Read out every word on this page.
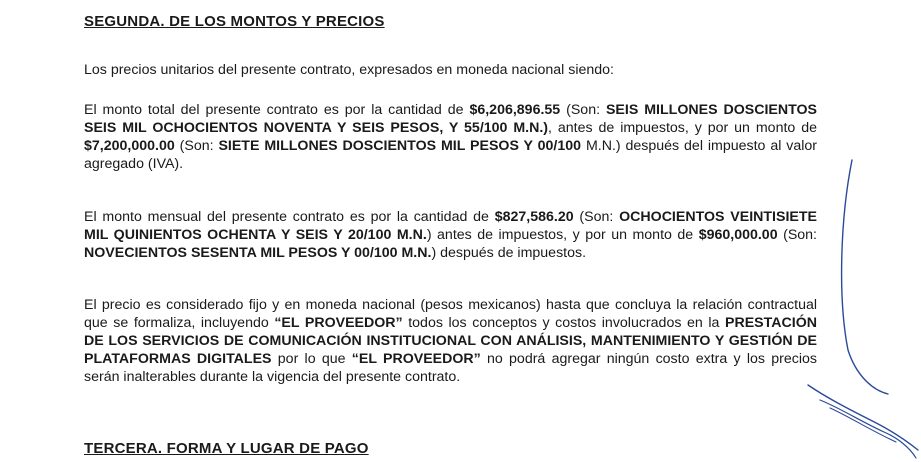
SEGUNDA. DE LOS MONTOS Y PRECIOS
Los precios unitarios del presente contrato, expresados en moneda nacional siendo:
El monto total del presente contrato es por la cantidad de $6,206,896.55 (Son: SEIS MILLONES DOSCIENTOS SEIS MIL OCHOCIENTOS NOVENTA Y SEIS PESOS, Y 55/100 M.N.), antes de impuestos, y por un monto de $7,200,000.00 (Son: SIETE MILLONES DOSCIENTOS MIL PESOS Y 00/100 M.N.) después del impuesto al valor agregado (IVA).
El monto mensual del presente contrato es por la cantidad de $827,586.20 (Son: OCHOCIENTOS VEINTISIETE MIL QUINIENTOS OCHENTA Y SEIS Y 20/100 M.N.) antes de impuestos, y por un monto de $960,000.00 (Son: NOVECIENTOS SESENTA MIL PESOS Y 00/100 M.N.) después de impuestos.
El precio es considerado fijo y en moneda nacional (pesos mexicanos) hasta que concluya la relación contractual que se formaliza, incluyendo “EL PROVEEDOR” todos los conceptos y costos involucrados en la PRESTACIÓN DE LOS SERVICIOS DE COMUNICACIÓN INSTITUCIONAL CON ANÁLISIS, MANTENIMIENTO Y GESTIÓN DE PLATAFORMAS DIGITALES por lo que “EL PROVEEDOR” no podrá agregar ningún costo extra y los precios serán inalterables durante la vigencia del presente contrato.
TERCERA. FORMA Y LUGAR DE PAGO
